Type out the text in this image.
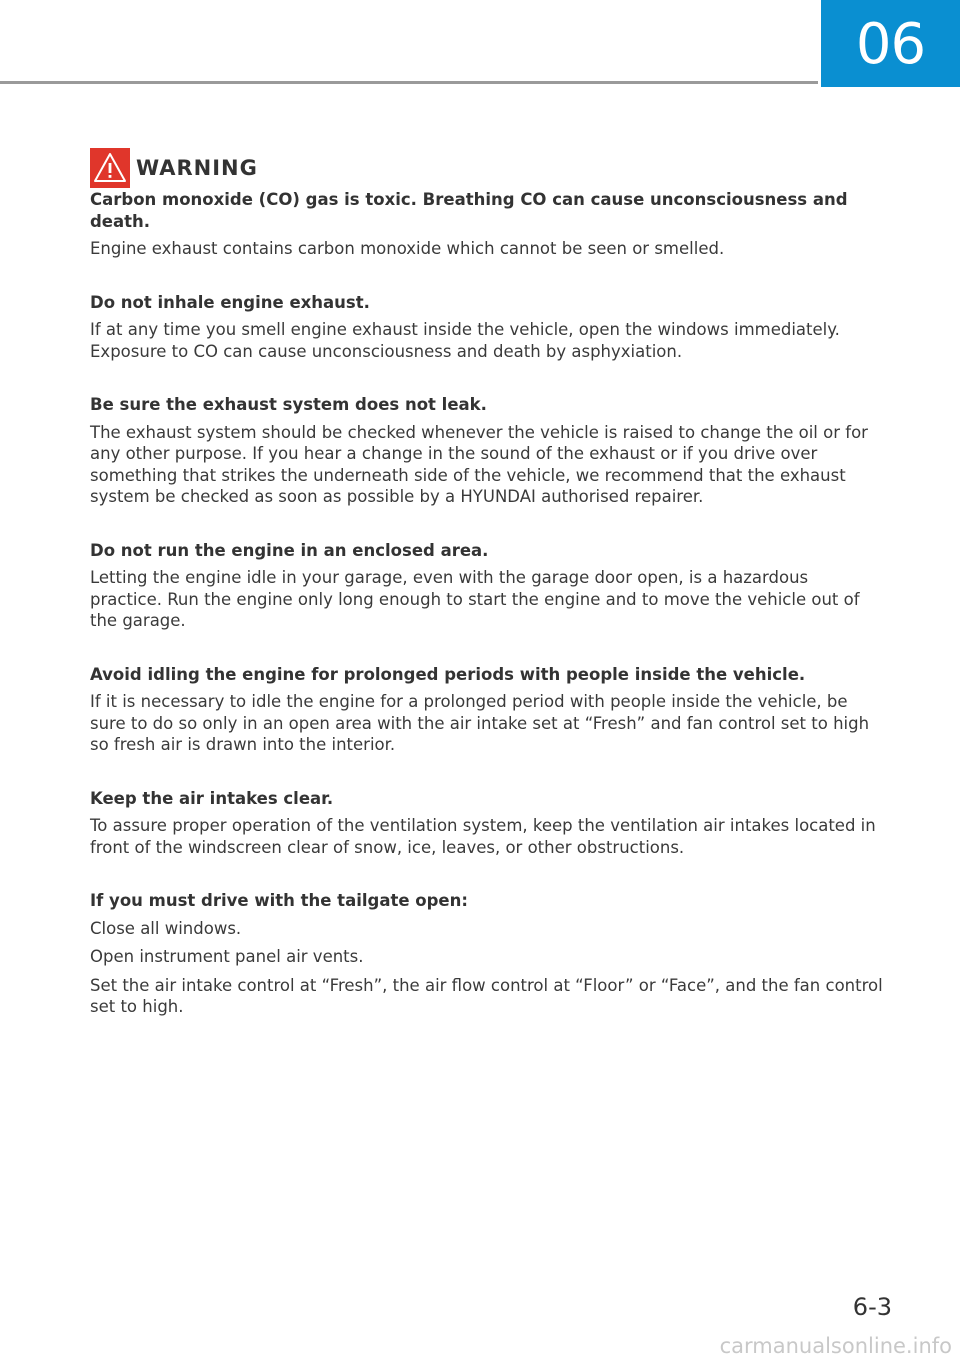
06
WARNING
Carbon monoxide (CO) gas is toxic. Breathing CO can cause unconsciousness and death.
Engine exhaust contains carbon monoxide which cannot be seen or smelled.
Do not inhale engine exhaust.
If at any time you smell engine exhaust inside the vehicle, open the windows immediately. Exposure to CO can cause unconsciousness and death by asphyxiation.
Be sure the exhaust system does not leak.
The exhaust system should be checked whenever the vehicle is raised to change the oil or for any other purpose. If you hear a change in the sound of the exhaust or if you drive over something that strikes the underneath side of the vehicle, we recommend that the exhaust system be checked as soon as possible by a HYUNDAI authorised repairer.
Do not run the engine in an enclosed area.
Letting the engine idle in your garage, even with the garage door open, is a hazardous practice. Run the engine only long enough to start the engine and to move the vehicle out of the garage.
Avoid idling the engine for prolonged periods with people inside the vehicle.
If it is necessary to idle the engine for a prolonged period with people inside the vehicle, be sure to do so only in an open area with the air intake set at “Fresh” and fan control set to high so fresh air is drawn into the interior.
Keep the air intakes clear.
To assure proper operation of the ventilation system, keep the ventilation air intakes located in front of the windscreen clear of snow, ice, leaves, or other obstructions.
If you must drive with the tailgate open:
Close all windows.
Open instrument panel air vents.
Set the air intake control at “Fresh”, the air flow control at “Floor” or “Face”, and the fan control set to high.
6-3
carmanualsonline.info
